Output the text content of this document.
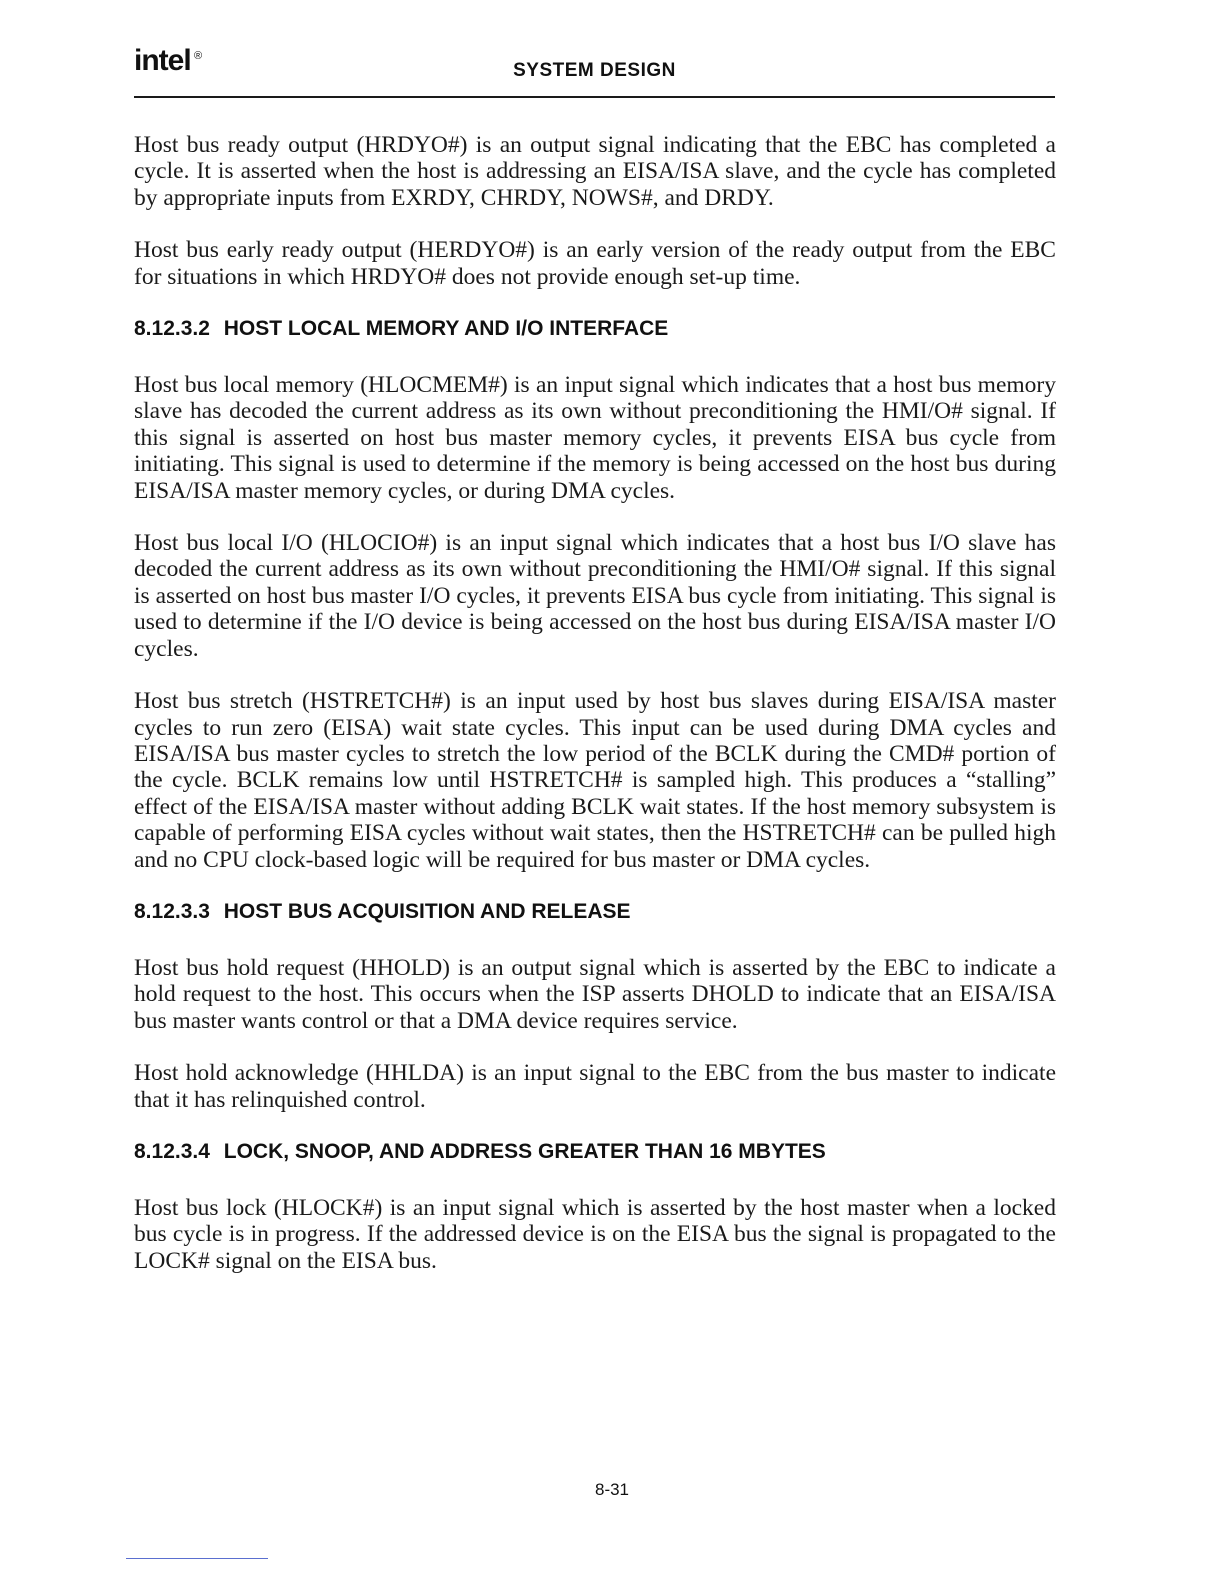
intel ®
SYSTEM DESIGN

Host bus ready output (HRDYO#) is an output signal indicating that the EBC has completed a cycle. It is asserted when the host is addressing an EISA/ISA slave, and the cycle has completed by appropriate inputs from EXRDY, CHRDY, NOWS#, and DRDY.

Host bus early ready output (HERDYO#) is an early version of the ready output from the EBC for situations in which HRDYO# does not provide enough set-up time.

8.12.3.2 HOST LOCAL MEMORY AND I/O INTERFACE

Host bus local memory (HLOCMEM#) is an input signal which indicates that a host bus memory slave has decoded the current address as its own without preconditioning the HMI/O# signal. If this signal is asserted on host bus master memory cycles, it prevents EISA bus cycle from initiating. This signal is used to determine if the memory is being accessed on the host bus during EISA/ISA master memory cycles, or during DMA cycles.

Host bus local I/O (HLOCIO#) is an input signal which indicates that a host bus I/O slave has decoded the current address as its own without preconditioning the HMI/O# signal. If this signal is asserted on host bus master I/O cycles, it prevents EISA bus cycle from initiating. This signal is used to determine if the I/O device is being accessed on the host bus during EISA/ISA master I/O cycles.

Host bus stretch (HSTRETCH#) is an input used by host bus slaves during EISA/ISA master cycles to run zero (EISA) wait state cycles. This input can be used during DMA cycles and EISA/ISA bus master cycles to stretch the low period of the BCLK during the CMD# portion of the cycle. BCLK remains low until HSTRETCH# is sampled high. This produces a “stalling” effect of the EISA/ISA master without adding BCLK wait states. If the host memory subsystem is capable of performing EISA cycles without wait states, then the HSTRETCH# can be pulled high and no CPU clock-based logic will be required for bus master or DMA cycles.

8.12.3.3 HOST BUS ACQUISITION AND RELEASE

Host bus hold request (HHOLD) is an output signal which is asserted by the EBC to indicate a hold request to the host. This occurs when the ISP asserts DHOLD to indicate that an EISA/ISA bus master wants control or that a DMA device requires service.

Host hold acknowledge (HHLDA) is an input signal to the EBC from the bus master to indicate that it has relinquished control.

8.12.3.4 LOCK, SNOOP, AND ADDRESS GREATER THAN 16 MBYTES

Host bus lock (HLOCK#) is an input signal which is asserted by the host master when a locked bus cycle is in progress. If the addressed device is on the EISA bus the signal is propagated to the LOCK# signal on the EISA bus.

8-31
